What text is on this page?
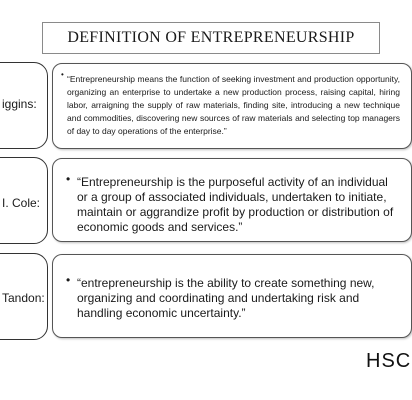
DEFINITION OF ENTREPRENEURSHIP
iggins:
• “Entrepreneurship means the function of seeking investment and production opportunity, organizing an enterprise to undertake a new production process, raising capital, hiring labor, arraigning the supply of raw materials, finding site, introducing a new technique and commodities, discovering new sources of raw materials and selecting top managers of day to day operations of the enterprise.”
I. Cole:
• “Entrepreneurship is the purposeful activity of an individual or a group of associated individuals, undertaken to initiate, maintain or aggrandize profit by production or distribution of economic goods and services.”
Tandon:
• “entrepreneurship is the ability to create something new, organizing and coordinating and undertaking risk and handling economic uncertainty.”
HSC
